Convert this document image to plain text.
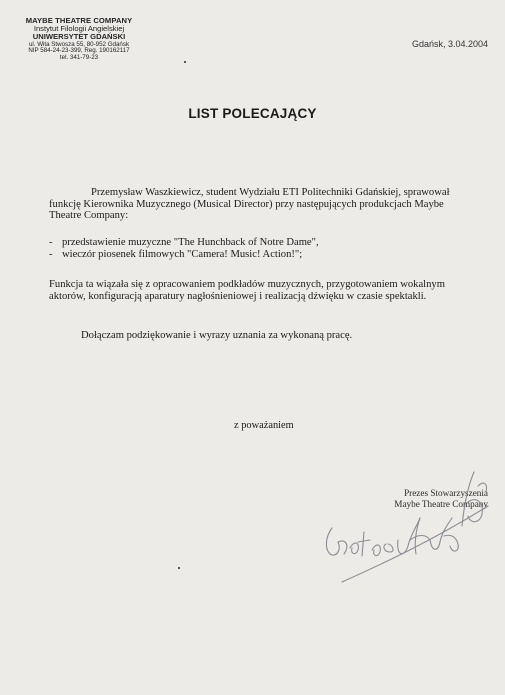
MAYBE THEATRE COMPANY
Instytut Filologii Angielskiej
UNIWERSYTET GDAŃSKI
ul. Wita Stwosza 55, 80-952 Gdańsk
NIP 584-24-23-399, Reg. 190162117
tel. 341-79-23
Gdańsk, 3.04.2004
LIST POLECAJĄCY
Przemysław Waszkiewicz, student Wydziału ETI Politechniki Gdańskiej, sprawował funkcję Kierownika Muzycznego (Musical Director) przy następujących produkcjach Maybe Theatre Company:
- przedstawienie muzyczne "The Hunchback of Notre Dame",
- wieczór piosenek filmowych "Camera! Music! Action!";
Funkcja ta wiązała się z opracowaniem podkładów muzycznych, przygotowaniem wokalnym aktorów, konfiguracją aparatury nagłośnieniowej i realizacją dźwięku w czasie spektakli.
Dołączam podziękowanie i wyrazy uznania za wykonaną pracę.
z poważaniem
Prezes Stowarzyszenia
Maybe Theatre Company
